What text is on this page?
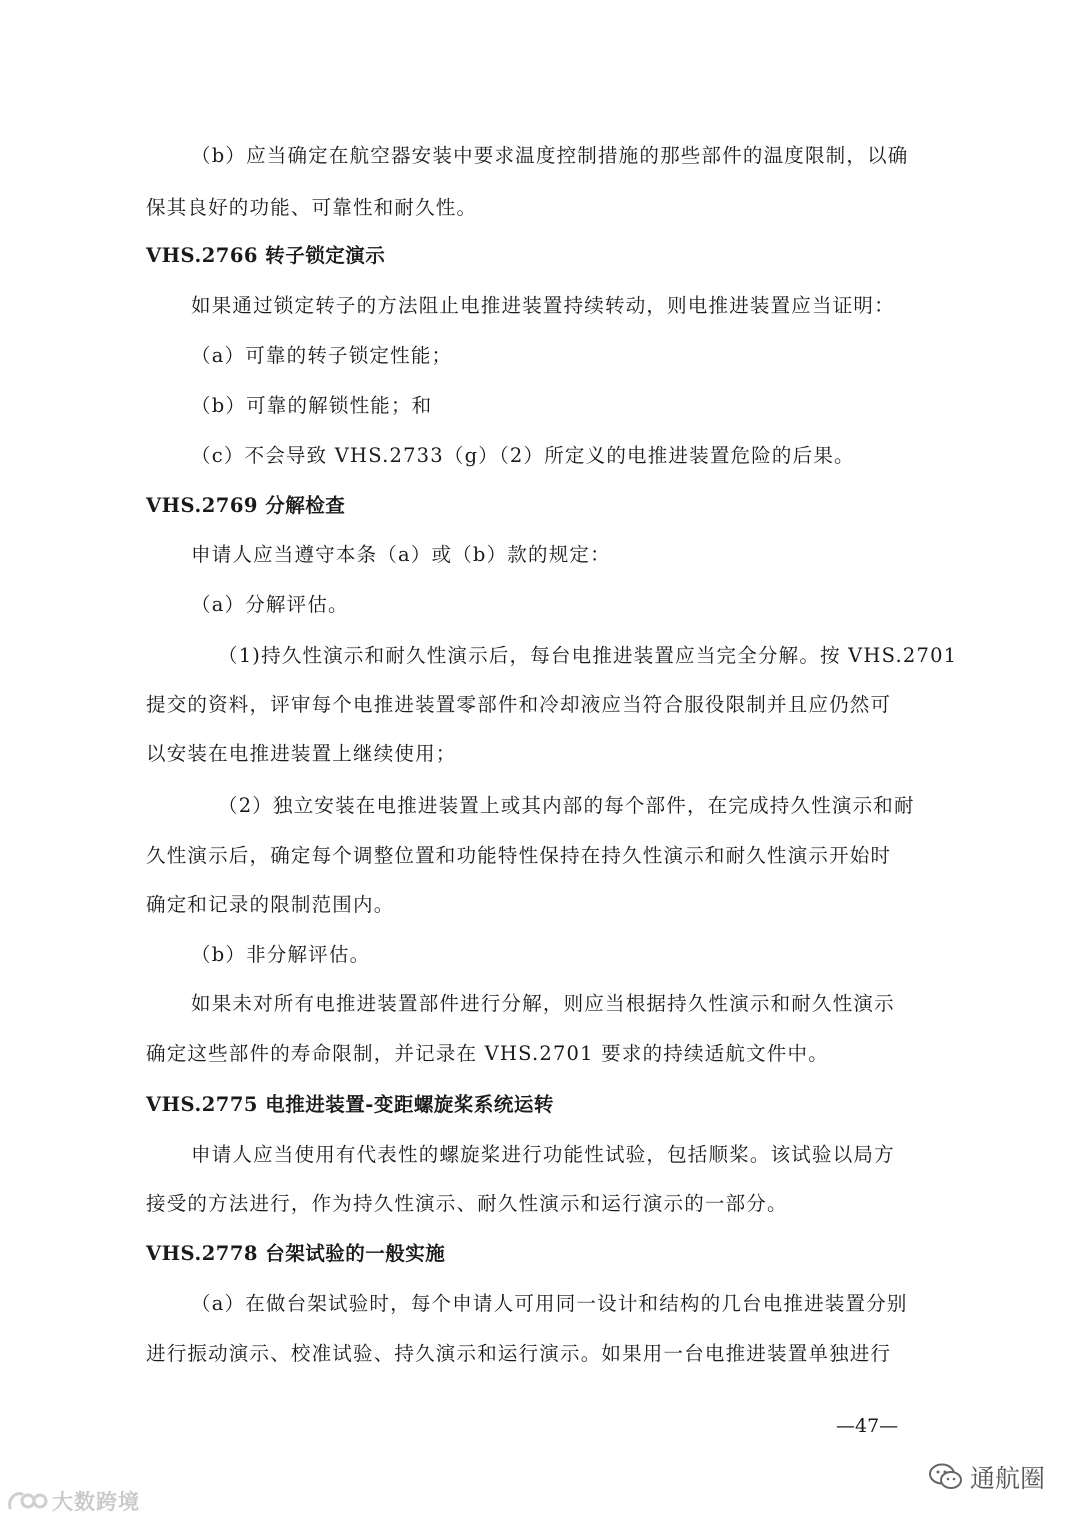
（b）应当确定在航空器安装中要求温度控制措施的那些部件的温度限制，以确
保其良好的功能、可靠性和耐久性。
VHS.2766 转子锁定演示
如果通过锁定转子的方法阻止电推进装置持续转动，则电推进装置应当证明：
（a）可靠的转子锁定性能；
（b）可靠的解锁性能；和
（c）不会导致 VHS.2733（g）（2）所定义的电推进装置危险的后果。
VHS.2769 分解检查
申请人应当遵守本条（a）或（b）款的规定：
（a）分解评估。
（1)持久性演示和耐久性演示后，每台电推进装置应当完全分解。按 VHS.2701
提交的资料，评审每个电推进装置零部件和冷却液应当符合服役限制并且应仍然可
以安装在电推进装置上继续使用；
（2）独立安装在电推进装置上或其内部的每个部件，在完成持久性演示和耐
久性演示后，确定每个调整位置和功能特性保持在持久性演示和耐久性演示开始时
确定和记录的限制范围内。
（b）非分解评估。
如果未对所有电推进装置部件进行分解，则应当根据持久性演示和耐久性演示
确定这些部件的寿命限制，并记录在 VHS.2701 要求的持续适航文件中。
VHS.2775 电推进装置-变距螺旋桨系统运转
申请人应当使用有代表性的螺旋桨进行功能性试验，包括顺桨。该试验以局方
接受的方法进行，作为持久性演示、耐久性演示和运行演示的一部分。
VHS.2778 台架试验的一般实施
（a）在做台架试验时，每个申请人可用同一设计和结构的几台电推进装置分别
进行振动演示、校准试验、持久演示和运行演示。如果用一台电推进装置单独进行
—47—
通航圈
大数跨境
